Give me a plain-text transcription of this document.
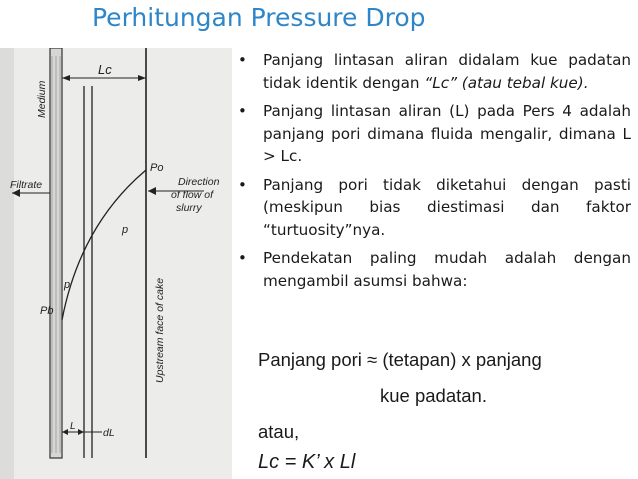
Perhitungan Pressure Drop
Lc
Filtrate	Direction
of flow of
slurry
Po
p
Pb
p'
Medium
Upstream face of cake
L
dL
• Panjang lintasan aliran didalam kue padatan tidak identik dengan “Lc” (atau tebal kue).
• Panjang lintasan aliran (L) pada Pers 4 adalah panjang pori dimana fluida mengalir, dimana L > Lc.
• Panjang pori tidak diketahui dengan pasti (meskipun bias diestimasi dan faktor “turtuosity”nya.
• Pendekatan paling mudah adalah dengan mengambil asumsi bahwa:
Panjang pori ≈ (tetapan) x panjang
kue padatan.
atau,
Lc = K’ x Ll
